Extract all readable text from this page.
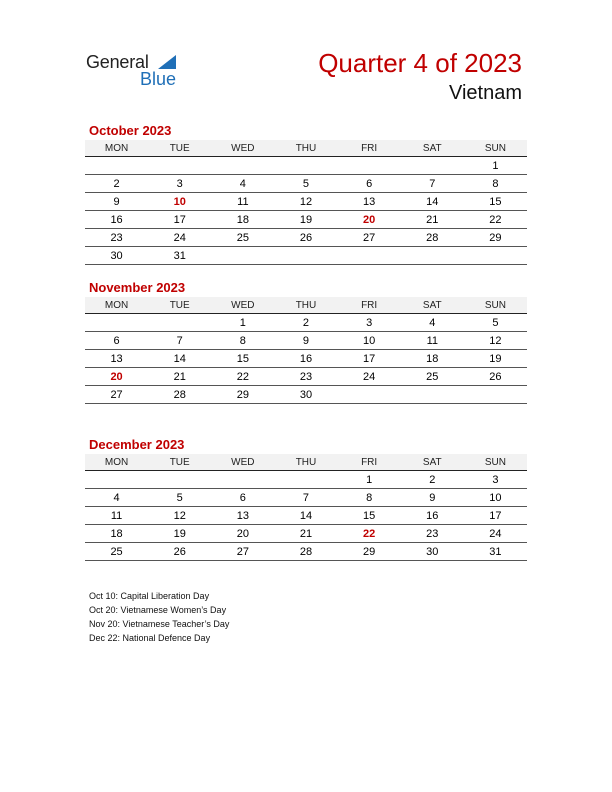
General
Blue
Quarter 4 of 2023
Vietnam
October 2023
MON	TUE	WED	THU	FRI	SAT	SUN
						1
2	3	4	5	6	7	8
9	10	11	12	13	14	15
16	17	18	19	20	21	22
23	24	25	26	27	28	29
30	31					
November 2023
MON	TUE	WED	THU	FRI	SAT	SUN
		1	2	3	4	5
6	7	8	9	10	11	12
13	14	15	16	17	18	19
20	21	22	23	24	25	26
27	28	29	30			
December 2023
MON	TUE	WED	THU	FRI	SAT	SUN
				1	2	3
4	5	6	7	8	9	10
11	12	13	14	15	16	17
18	19	20	21	22	23	24
25	26	27	28	29	30	31
Oct 10: Capital Liberation Day
Oct 20: Vietnamese Women’s Day
Nov 20: Vietnamese Teacher’s Day
Dec 22: National Defence Day
